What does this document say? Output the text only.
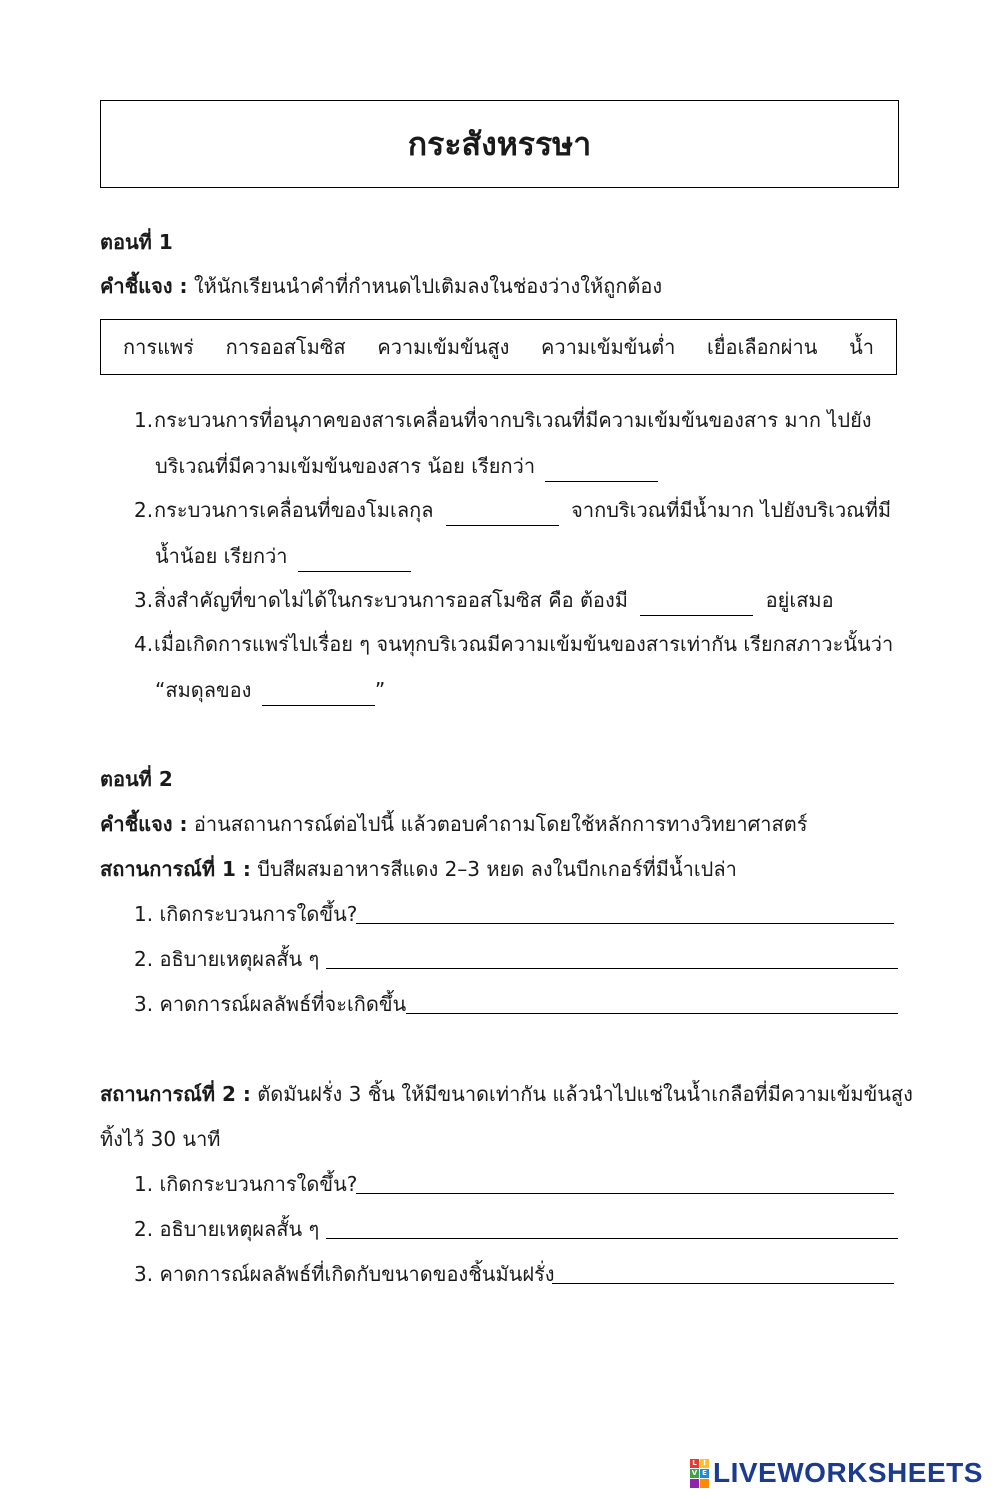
กระสังหรรษา
ตอนที่ 1
คำชี้แจง : ให้นักเรียนนำคำที่กำหนดไปเติมลงในช่องว่างให้ถูกต้อง
การแพร่ การออสโมซิส ความเข้มข้นสูง ความเข้มข้นต่ำ เยื่อเลือกผ่าน น้ำ
1.กระบวนการที่อนุภาคของสารเคลื่อนที่จากบริเวณที่มีความเข้มข้นของสาร มาก ไปยัง
บริเวณที่มีความเข้มข้นของสาร น้อย เรียกว่า
2.กระบวนการเคลื่อนที่ของโมเลกุล	จากบริเวณที่มีน้ำมาก ไปยังบริเวณที่มี
น้ำน้อย เรียกว่า
3.สิ่งสำคัญที่ขาดไม่ได้ในกระบวนการออสโมซิส คือ ต้องมี	อยู่เสมอ
4.เมื่อเกิดการแพร่ไปเรื่อย ๆ จนทุกบริเวณมีความเข้มข้นของสารเท่ากัน เรียกสภาวะนั้นว่า
“สมดุลของ	”
ตอนที่ 2
คำชี้แจง : อ่านสถานการณ์ต่อไปนี้ แล้วตอบคำถามโดยใช้หลักการทางวิทยาศาสตร์
สถานการณ์ที่ 1 : บีบสีผสมอาหารสีแดง 2–3 หยด ลงในบีกเกอร์ที่มีน้ำเปล่า
1. เกิดกระบวนการใดขึ้น?
2. อธิบายเหตุผลสั้น ๆ
3. คาดการณ์ผลลัพธ์ที่จะเกิดขึ้น
สถานการณ์ที่ 2 : ตัดมันฝรั่ง 3 ชิ้น ให้มีขนาดเท่ากัน แล้วนำไปแช่ในน้ำเกลือที่มีความเข้มข้นสูง
ทิ้งไว้ 30 นาที
1. เกิดกระบวนการใดขึ้น?
2. อธิบายเหตุผลสั้น ๆ
3. คาดการณ์ผลลัพธ์ที่เกิดกับขนาดของชิ้นมันฝรั่ง
L I
V E LIVEWORKSHEETS
